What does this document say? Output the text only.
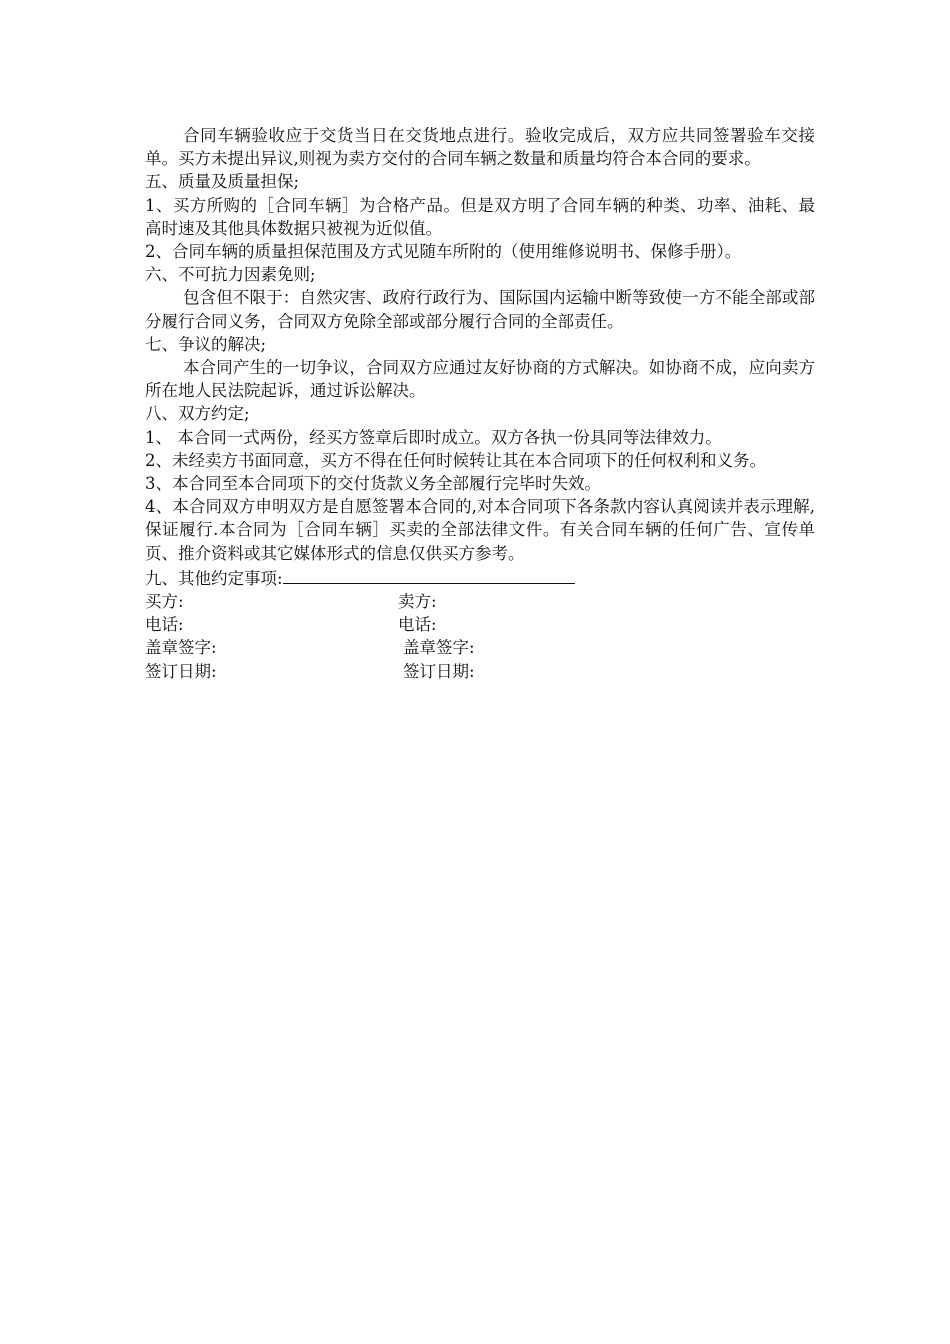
合同车辆验收应于交货当日在交货地点进行。验收完成后，双方应共同签署验车交接单。买方未提出异议,则视为卖方交付的合同车辆之数量和质量均符合本合同的要求。

五、质量及质量担保;

1、买方所购的［合同车辆］为合格产品。但是双方明了合同车辆的种类、功率、油耗、最高时速及其他具体数据只被视为近似值。

2、合同车辆的质量担保范围及方式见随车所附的（使用维修说明书、保修手册）。

六、不可抗力因素免则;

包含但不限于：自然灾害、政府行政行为、国际国内运输中断等致使一方不能全部或部分履行合同义务，合同双方免除全部或部分履行合同的全部责任。

七、争议的解决;

本合同产生的一切争议，合同双方应通过友好协商的方式解决。如协商不成，应向卖方所在地人民法院起诉，通过诉讼解决。

八、双方约定;

1、 本合同一式两份，经买方签章后即时成立。双方各执一份具同等法律效力。

2、未经卖方书面同意，买方不得在任何时候转让其在本合同项下的任何权利和义务。

3、本合同至本合同项下的交付货款义务全部履行完毕时失效。

4、本合同双方申明双方是自愿签署本合同的,对本合同项下各条款内容认真阅读并表示理解,保证履行.本合同为［合同车辆］买卖的全部法律文件。有关合同车辆的任何广告、宣传单页、推介资料或其它媒体形式的信息仅供买方参考。

九、其他约定事项:

买方:	卖方:
电话:	电话:
盖章签字:	盖章签字:
签订日期:	签订日期:
